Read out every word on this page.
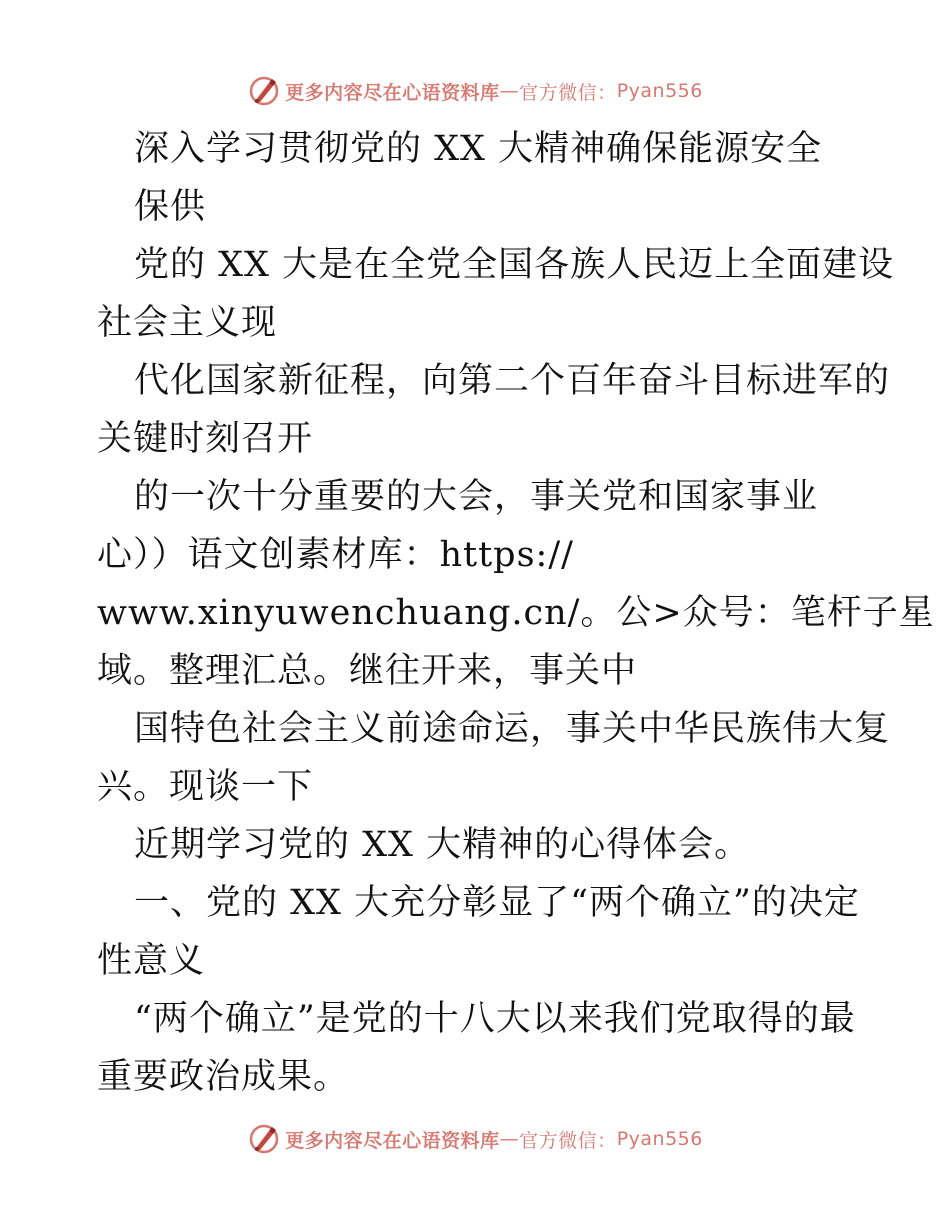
更多内容尽在心语资料库 — 官方微信： Pyan556
深入学习贯彻党的 XX 大精神确保能源安全
保供
党的 XX 大是在全党全国各族人民迈上全面建设
社会主义现
代化国家新征程，向第二个百年奋斗目标进军的
关键时刻召开
的一次十分重要的大会，事关党和国家事业
心））语文创素材库：https://
www.xinyuwenchuang.cn/。公>众号：笔杆子星
域。整理汇总。继往开来，事关中
国特色社会主义前途命运，事关中华民族伟大复
兴。现谈一下
近期学习党的 XX 大精神的心得体会。
一、党的 XX 大充分彰显了“两个确立”的决定
性意义
“两个确立”是党的十八大以来我们党取得的最
重要政治成果。
更多内容尽在心语资料库 — 官方微信： Pyan556
